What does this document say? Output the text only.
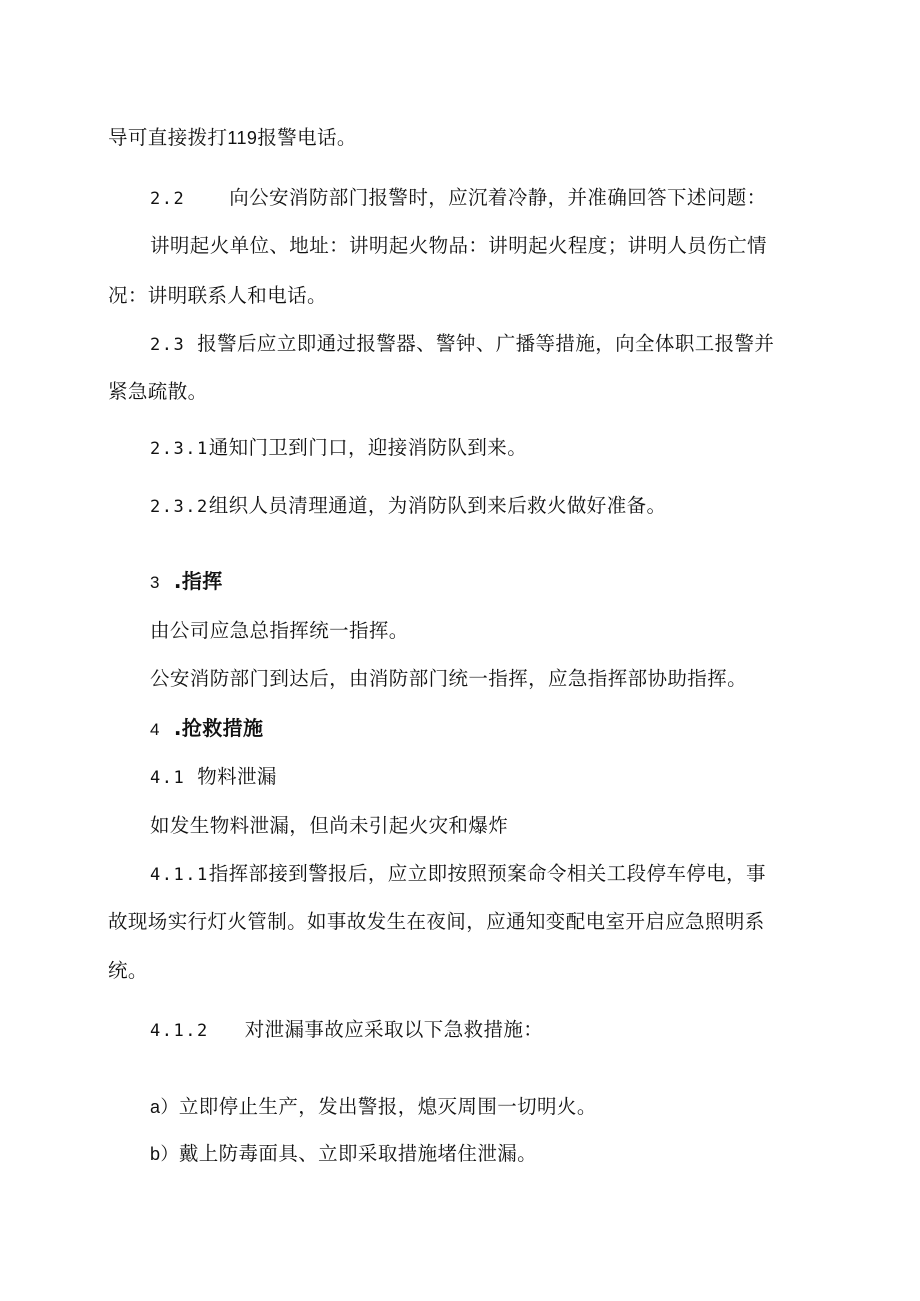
导可直接拨打119报警电话。
2.2 向公安消防部门报警时，应沉着冷静，并准确回答下述问题：
讲明起火单位、地址：讲明起火物品：讲明起火程度；讲明人员伤亡情
况：讲明联系人和电话。
2.3 报警后应立即通过报警器、警钟、广播等措施，向全体职工报警并
紧急疏散。
2.3.1通知门卫到门口，迎接消防队到来。
2.3.2组织人员清理通道，为消防队到来后救火做好准备。
3 .指挥
由公司应急总指挥统一指挥。
公安消防部门到达后，由消防部门统一指挥，应急指挥部协助指挥。
4 .抢救措施
4.1 物料泄漏
如发生物料泄漏，但尚未引起火灾和爆炸
4.1.1指挥部接到警报后，应立即按照预案命令相关工段停车停电，事
故现场实行灯火管制。如事故发生在夜间，应通知变配电室开启应急照明系
统。
4.1.2 对泄漏事故应采取以下急救措施：
a）立即停止生产，发出警报，熄灭周围一切明火。
b）戴上防毒面具、立即采取措施堵住泄漏。
